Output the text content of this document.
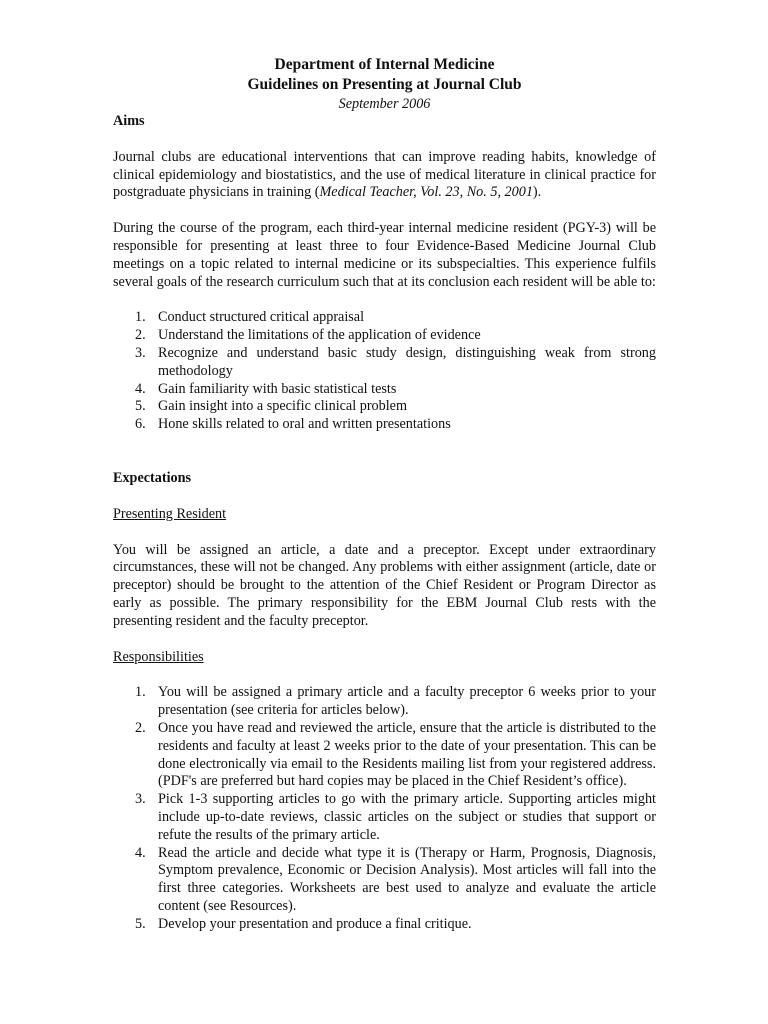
Department of Internal Medicine
Guidelines on Presenting at Journal Club
September 2006
Aims

Journal clubs are educational interventions that can improve reading habits, knowledge of clinical epidemiology and biostatistics, and the use of medical literature in clinical practice for postgraduate physicians in training (Medical Teacher, Vol. 23, No. 5, 2001).

During the course of the program, each third-year internal medicine resident (PGY-3) will be responsible for presenting at least three to four Evidence-Based Medicine Journal Club meetings on a topic related to internal medicine or its subspecialties. This experience fulfils several goals of the research curriculum such that at its conclusion each resident will be able to:

1. Conduct structured critical appraisal
2. Understand the limitations of the application of evidence
3. Recognize and understand basic study design, distinguishing weak from strong methodology
4. Gain familiarity with basic statistical tests
5. Gain insight into a specific clinical problem
6. Hone skills related to oral and written presentations
Expectations
Presenting Resident

You will be assigned an article, a date and a preceptor. Except under extraordinary circumstances, these will not be changed. Any problems with either assignment (article, date or preceptor) should be brought to the attention of the Chief Resident or Program Director as early as possible. The primary responsibility for the EBM Journal Club rests with the presenting resident and the faculty preceptor.

Responsibilities
1. You will be assigned a primary article and a faculty preceptor 6 weeks prior to your presentation (see criteria for articles below).
2. Once you have read and reviewed the article, ensure that the article is distributed to the residents and faculty at least 2 weeks prior to the date of your presentation. This can be done electronically via email to the Residents mailing list from your registered address. (PDF's are preferred but hard copies may be placed in the Chief Resident’s office).
3. Pick 1-3 supporting articles to go with the primary article. Supporting articles might include up-to-date reviews, classic articles on the subject or studies that support or refute the results of the primary article.
4. Read the article and decide what type it is (Therapy or Harm, Prognosis, Diagnosis, Symptom prevalence, Economic or Decision Analysis). Most articles will fall into the first three categories. Worksheets are best used to analyze and evaluate the article content (see Resources).
5. Develop your presentation and produce a final critique.
